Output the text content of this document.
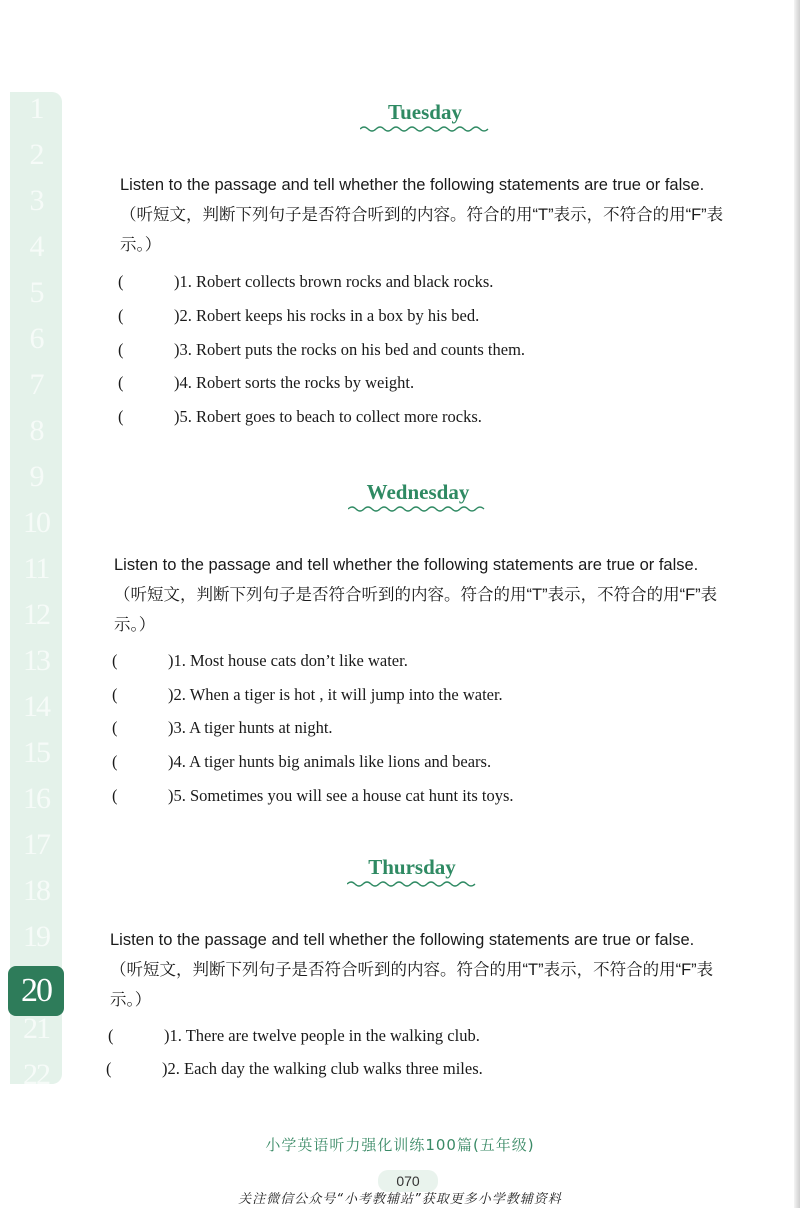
1
2
3
4
5
6
7
8
9
10
11
12
13
14
15
16
17
18
19
20
21
22
Tuesday
Listen to the passage and tell whether the following statements are true or false.（听短文，判断下列句子是否符合听到的内容。符合的用“T”表示，不符合的用“F”表示。）
(	)1. Robert collects brown rocks and black rocks.
(	)2. Robert keeps his rocks in a box by his bed.
(	)3. Robert puts the rocks on his bed and counts them.
(	)4. Robert sorts the rocks by weight.
(	)5. Robert goes to beach to collect more rocks.
Wednesday
Listen to the passage and tell whether the following statements are true or false.（听短文，判断下列句子是否符合听到的内容。符合的用“T”表示，不符合的用“F”表示。）
(	)1. Most house cats don’t like water.
(	)2. When a tiger is hot , it will jump into the water.
(	)3. A tiger hunts at night.
(	)4. A tiger hunts big animals like lions and bears.
(	)5. Sometimes you will see a house cat hunt its toys.
Thursday
Listen to the passage and tell whether the following statements are true or false.（听短文，判断下列句子是否符合听到的内容。符合的用“T”表示，不符合的用“F”表示。）
(	)1. There are twelve people in the walking club.
(	)2. Each day the walking club walks three miles.
小学英语听力强化训练100篇(五年级)
070
关注微信公众号“小考教辅站”获取更多小学教辅资料
